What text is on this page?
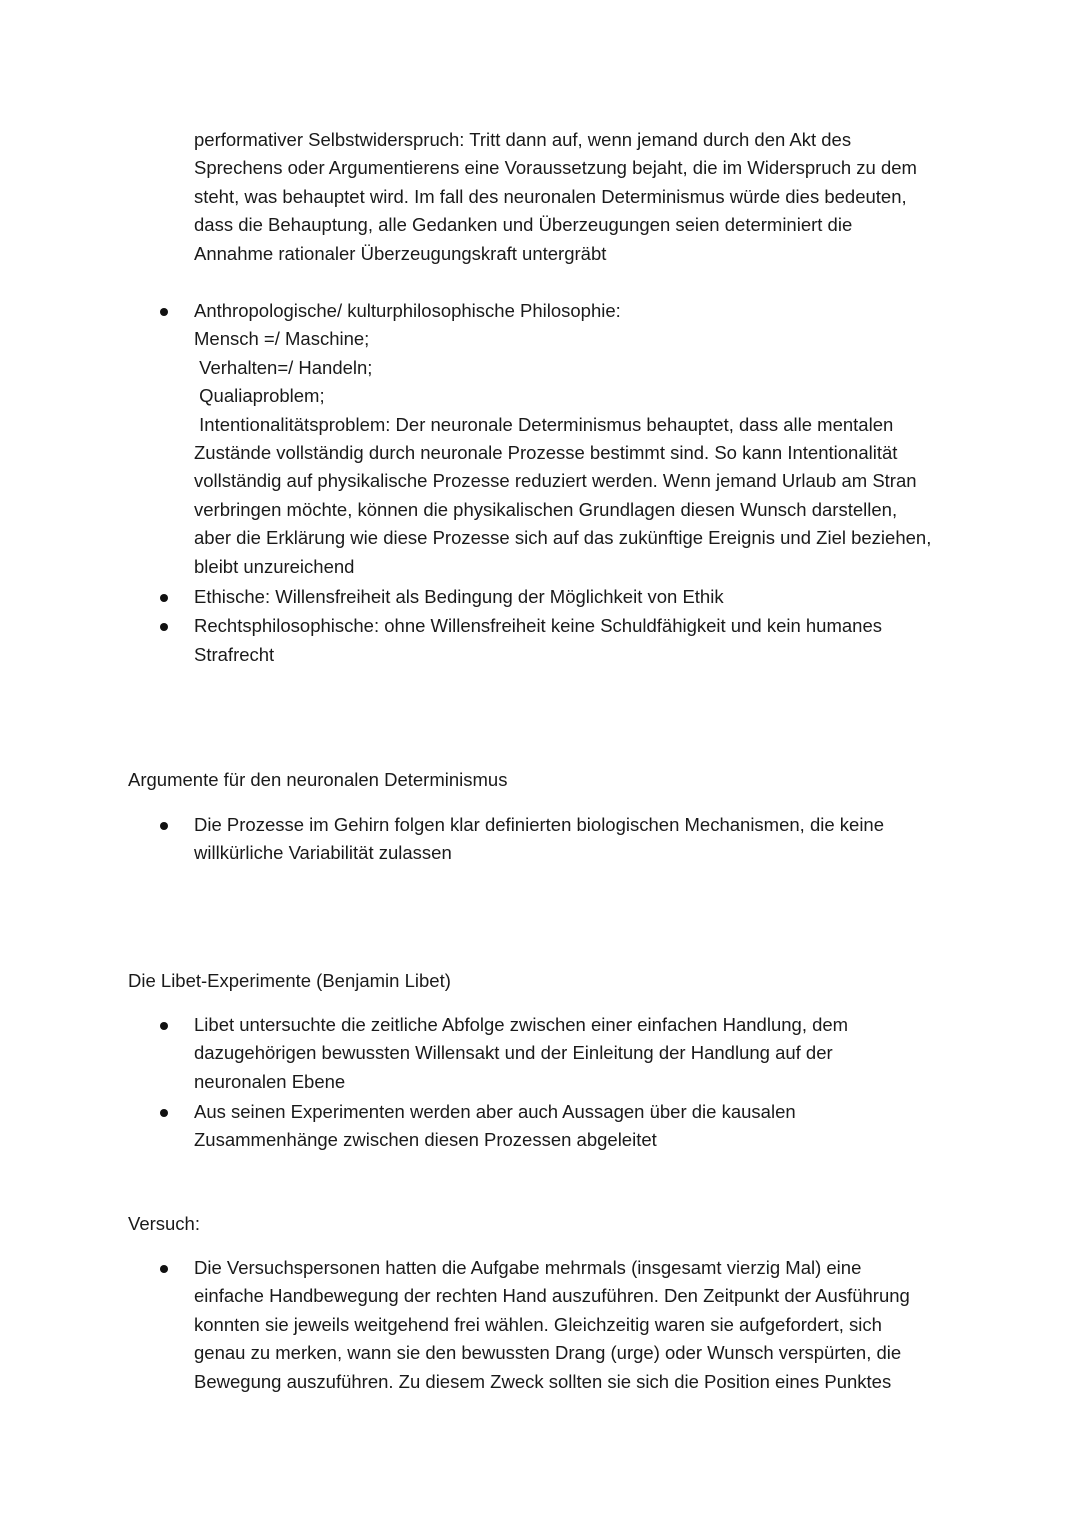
performativer Selbstwiderspruch: Tritt dann auf, wenn jemand durch den Akt des
Sprechens oder Argumentierens eine Voraussetzung bejaht, die im Widerspruch zu dem
steht, was behauptet wird. Im fall des neuronalen Determinismus würde dies bedeuten,
dass die Behauptung, alle Gedanken und Überzeugungen seien determiniert die
Annahme rationaler Überzeugungskraft untergräbt

Anthropologische/ kulturphilosophische Philosophie:
Mensch =/ Maschine;
Verhalten=/ Handeln;
Qualiaproblem;
Intentionalitätsproblem: Der neuronale Determinismus behauptet, dass alle mentalen
Zustände vollständig durch neuronale Prozesse bestimmt sind. So kann Intentionalität
vollständig auf physikalische Prozesse reduziert werden. Wenn jemand Urlaub am Stran
verbringen möchte, können die physikalischen Grundlagen diesen Wunsch darstellen,
aber die Erklärung wie diese Prozesse sich auf das zukünftige Ereignis und Ziel beziehen,
bleibt unzureichend
Ethische: Willensfreiheit als Bedingung der Möglichkeit von Ethik
Rechtsphilosophische: ohne Willensfreiheit keine Schuldfähigkeit und kein humanes
Strafrecht
Argumente für den neuronalen Determinismus
Die Prozesse im Gehirn folgen klar definierten biologischen Mechanismen, die keine
willkürliche Variabilität zulassen
Die Libet-Experimente (Benjamin Libet)
Libet untersuchte die zeitliche Abfolge zwischen einer einfachen Handlung, dem
dazugehörigen bewussten Willensakt und der Einleitung der Handlung auf der
neuronalen Ebene
Aus seinen Experimenten werden aber auch Aussagen über die kausalen
Zusammenhänge zwischen diesen Prozessen abgeleitet
Versuch:
Die Versuchspersonen hatten die Aufgabe mehrmals (insgesamt vierzig Mal) eine
einfache Handbewegung der rechten Hand auszuführen. Den Zeitpunkt der Ausführung
konnten sie jeweils weitgehend frei wählen. Gleichzeitig waren sie aufgefordert, sich
genau zu merken, wann sie den bewussten Drang (urge) oder Wunsch verspürten, die
Bewegung auszuführen. Zu diesem Zweck sollten sie sich die Position eines Punktes
